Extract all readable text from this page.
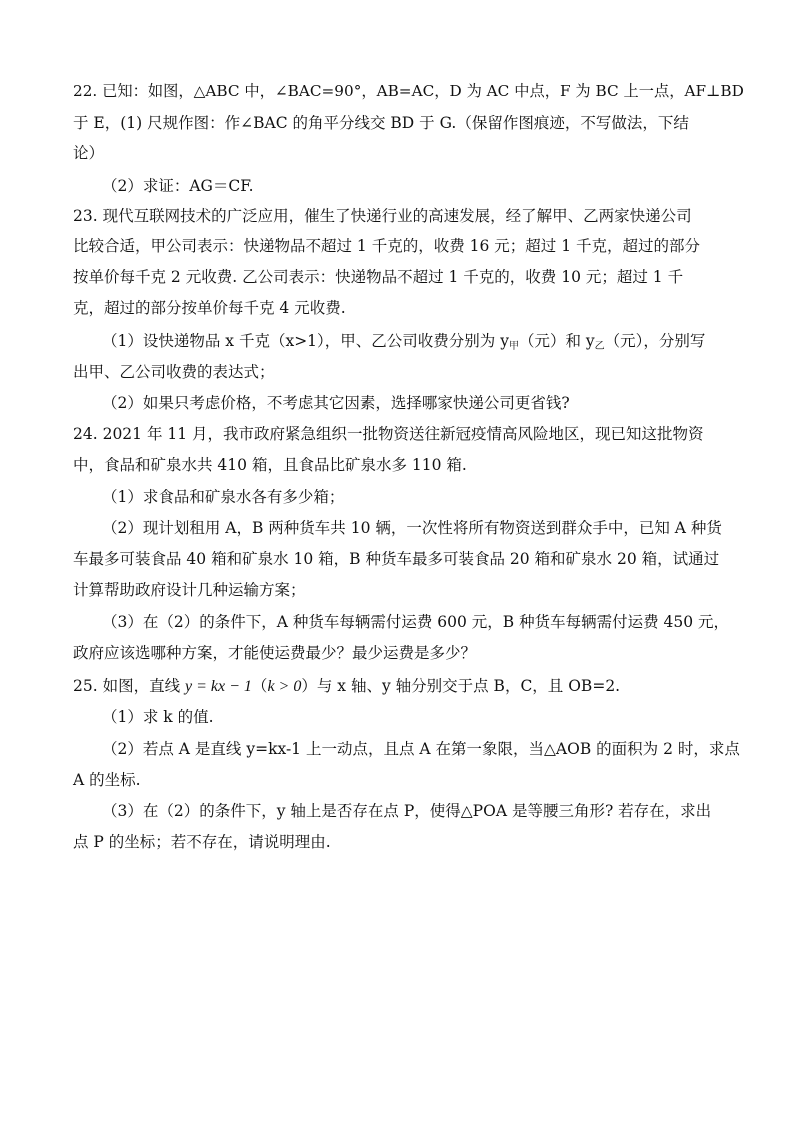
22. 已知：如图，△ABC 中，∠BAC=90°，AB=AC，D 为 AC 中点，F 为 BC 上一点，AF⊥BD
于 E，(1) 尺规作图：作∠BAC 的角平分线交 BD 于 G.（保留作图痕迹，不写做法，下结
论）
（2）求证：AG＝CF.
23. 现代互联网技术的广泛应用，催生了快递行业的高速发展，经了解甲、乙两家快递公司
比较合适，甲公司表示：快递物品不超过 1 千克的，收费 16 元；超过 1 千克，超过的部分
按单价每千克 2 元收费. 乙公司表示：快递物品不超过 1 千克的，收费 10 元；超过 1 千
克，超过的部分按单价每千克 4 元收费.
（1）设快递物品 x 千克（x>1），甲、乙公司收费分别为 $y_甲$（元）和 $y_乙$（元），分别写
出甲、乙公司收费的表达式；
（2）如果只考虑价格，不考虑其它因素，选择哪家快递公司更省钱?
24. 2021 年 11 月，我市政府紧急组织一批物资送往新冠疫情高风险地区，现已知这批物资
中，食品和矿泉水共 410 箱，且食品比矿泉水多 110 箱.
（1）求食品和矿泉水各有多少箱；
（2）现计划租用 A，B 两种货车共 10 辆，一次性将所有物资送到群众手中，已知 A 种货
车最多可装食品 40 箱和矿泉水 10 箱，B 种货车最多可装食品 20 箱和矿泉水 20 箱，试通过
计算帮助政府设计几种运输方案；
（3）在（2）的条件下，A 种货车每辆需付运费 600 元，B 种货车每辆需付运费 450 元，
政府应该选哪种方案，才能使运费最少？最少运费是多少？
25. 如图，直线 y = kx − 1（k > 0）与 x 轴、y 轴分别交于点 B，C，且 OB=2.
（1）求 k 的值.
（2）若点 A 是直线 y=kx-1 上一动点，且点 A 在第一象限，当△AOB 的面积为 2 时，求点
A 的坐标.
（3）在（2）的条件下，y 轴上是否存在点 P，使得△POA 是等腰三角形? 若存在，求出
点 P 的坐标；若不存在，请说明理由.
